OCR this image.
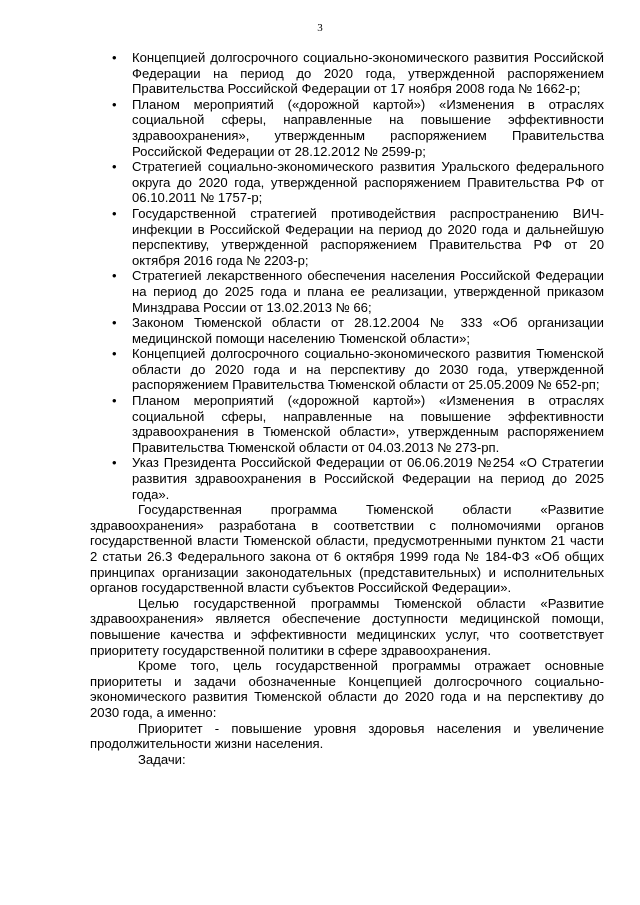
3
• Концепцией долгосрочного социально-экономического развития Российской Федерации на период до 2020 года, утвержденной распоряжением Правительства Российской Федерации от 17 ноября 2008 года № 1662-р;
• Планом мероприятий («дорожной картой») «Изменения в отраслях социальной сферы, направленные на повышение эффективности здравоохранения», утвержденным распоряжением Правительства Российской Федерации от 28.12.2012 № 2599-р;
• Стратегией социально-экономического развития Уральского федерального округа до 2020 года, утвержденной распоряжением Правительства РФ от 06.10.2011 № 1757-р;
• Государственной стратегией противодействия распространению ВИЧ-инфекции в Российской Федерации на период до 2020 года и дальнейшую перспективу, утвержденной распоряжением Правительства РФ от 20 октября 2016 года № 2203-р;
• Стратегией лекарственного обеспечения населения Российской Федерации на период до 2025 года и плана ее реализации, утвержденной приказом Минздрава России от 13.02.2013 № 66;
• Законом Тюменской области от 28.12.2004 № 333 «Об организации медицинской помощи населению Тюменской области»;
• Концепцией долгосрочного социально-экономического развития Тюменской области до 2020 года и на перспективу до 2030 года, утвержденной распоряжением Правительства Тюменской области от 25.05.2009 № 652-рп;
• Планом мероприятий («дорожной картой») «Изменения в отраслях социальной сферы, направленные на повышение эффективности здравоохранения в Тюменской области», утвержденным распоряжением Правительства Тюменской области от 04.03.2013 № 273-рп.
• Указ Президента Российской Федерации от 06.06.2019 №254 «О Стратегии развития здравоохранения в Российской Федерации на период до 2025 года».

Государственная программа Тюменской области «Развитие здравоохранения» разработана в соответствии с полномочиями органов государственной власти Тюменской области, предусмотренными пунктом 21 части 2 статьи 26.3 Федерального закона от 6 октября 1999 года № 184-ФЗ «Об общих принципах организации законодательных (представительных) и исполнительных органов государственной власти субъектов Российской Федерации».

Целью государственной программы Тюменской области «Развитие здравоохранения» является обеспечение доступности медицинской помощи, повышение качества и эффективности медицинских услуг, что соответствует приоритету государственной политики в сфере здравоохранения.

Кроме того, цель государственной программы отражает основные приоритеты и задачи обозначенные Концепцией долгосрочного социально-экономического развития Тюменской области до 2020 года и на перспективу до 2030 года, а именно:

Приоритет - повышение уровня здоровья населения и увеличение продолжительности жизни населения.

Задачи:
